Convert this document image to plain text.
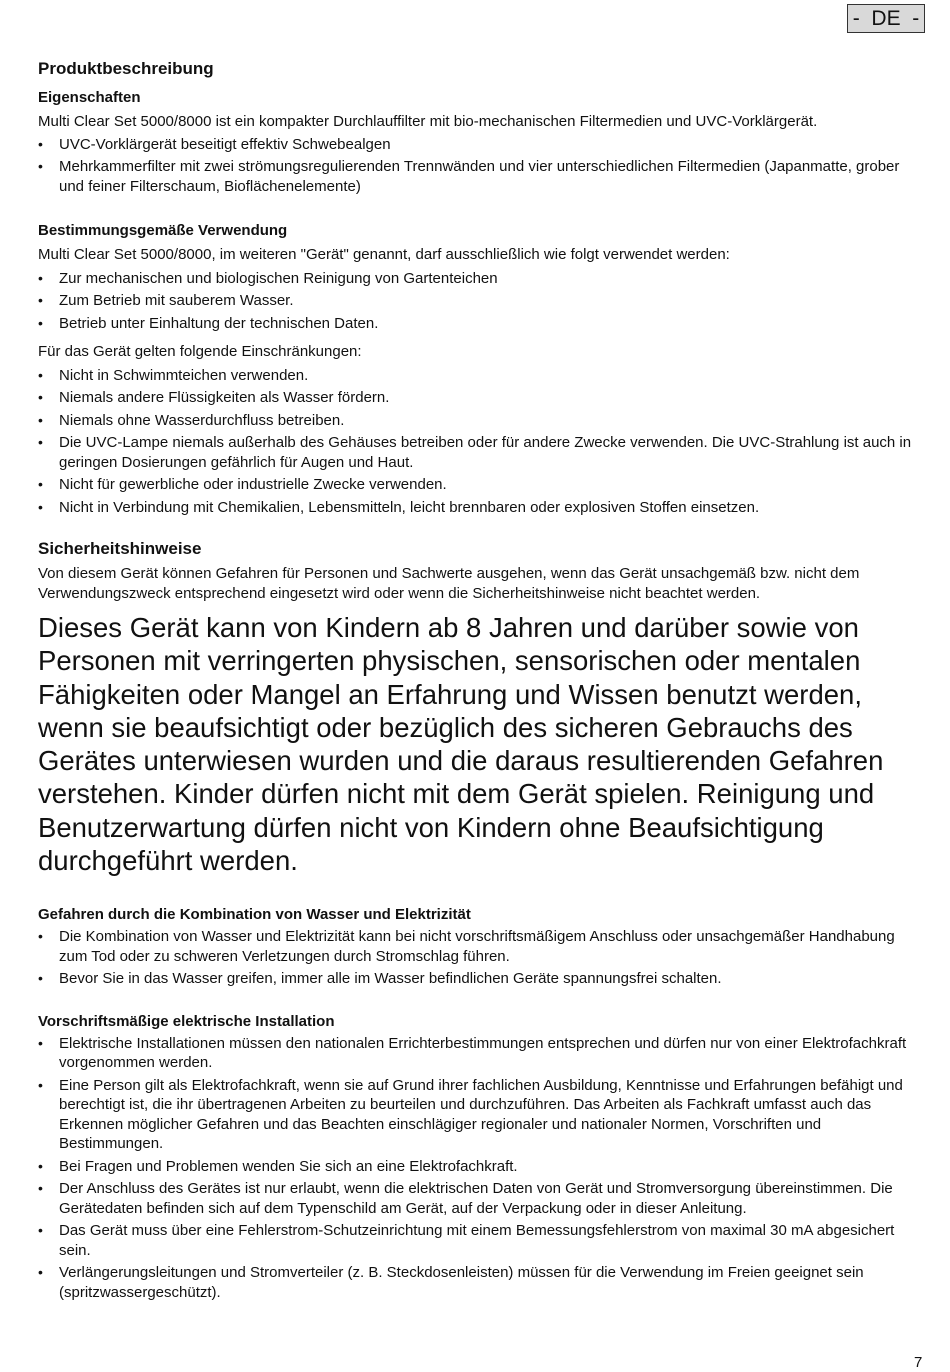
-  DE  -
Produktbeschreibung
Eigenschaften

Multi Clear Set 5000/8000 ist ein kompakter Durchlauffilter mit bio-mechanischen Filtermedien und UVC-Vorklärgerät.

• UVC-Vorklärgerät beseitigt effektiv Schwebealgen
• Mehrkammerfilter mit zwei strömungsregulierenden Trennwänden und vier unterschiedlichen Filtermedien (Japanmatte, grober und feiner Filterschaum, Bioflächenelemente)
Bestimmungsgemäße Verwendung

Multi Clear Set 5000/8000, im weiteren "Gerät" genannt, darf ausschließlich wie folgt verwendet werden:

• Zur mechanischen und biologischen Reinigung von Gartenteichen
• Zum Betrieb mit sauberem Wasser.
• Betrieb unter Einhaltung der technischen Daten.

Für das Gerät gelten folgende Einschränkungen:

• Nicht in Schwimmteichen verwenden.
• Niemals andere Flüssigkeiten als Wasser fördern.
• Niemals ohne Wasserdurchfluss betreiben.
• Die UVC-Lampe niemals außerhalb des Gehäuses betreiben oder für andere Zwecke verwenden. Die UVC-Strahlung ist auch in geringen Dosierungen gefährlich für Augen und Haut.
• Nicht für gewerbliche oder industrielle Zwecke verwenden.
• Nicht in Verbindung mit Chemikalien, Lebensmitteln, leicht brennbaren oder explosiven Stoffen einsetzen.
Sicherheitshinweise

Von diesem Gerät können Gefahren für Personen und Sachwerte ausgehen, wenn das Gerät unsachgemäß bzw. nicht dem Verwendungszweck entsprechend eingesetzt wird oder wenn die Sicherheitshinweise nicht beachtet werden.

Dieses Gerät kann von Kindern ab 8 Jahren und darüber sowie von Personen mit verringerten physischen, sensorischen oder mentalen Fähigkeiten oder Mangel an Erfahrung und Wissen benutzt werden, wenn sie beaufsichtigt oder bezüglich des sicheren Gebrauchs des Gerätes unterwiesen wurden und die daraus resultierenden Gefahren verstehen. Kinder dürfen nicht mit dem Gerät spielen. Reinigung und Benutzerwartung dürfen nicht von Kindern ohne Beaufsichtigung durchgeführt werden.

Gefahren durch die Kombination von Wasser und Elektrizität
• Die Kombination von Wasser und Elektrizität kann bei nicht vorschriftsmäßigem Anschluss oder unsachgemäßer Handhabung zum Tod oder zu schweren Verletzungen durch Stromschlag führen.
• Bevor Sie in das Wasser greifen, immer alle im Wasser befindlichen Geräte spannungsfrei schalten.
Vorschriftsmäßige elektrische Installation
• Elektrische Installationen müssen den nationalen Errichterbestimmungen entsprechen und dürfen nur von einer Elektrofachkraft vorgenommen werden.
• Eine Person gilt als Elektrofachkraft, wenn sie auf Grund ihrer fachlichen Ausbildung, Kenntnisse und Erfahrungen befähigt und berechtigt ist, die ihr übertragenen Arbeiten zu beurteilen und durchzuführen. Das Arbeiten als Fachkraft umfasst auch das Erkennen möglicher Gefahren und das Beachten einschlägiger regionaler und nationaler Normen, Vorschriften und Bestimmungen.
• Bei Fragen und Problemen wenden Sie sich an eine Elektrofachkraft.
• Der Anschluss des Gerätes ist nur erlaubt, wenn die elektrischen Daten von Gerät und Stromversorgung übereinstimmen. Die Gerätedaten befinden sich auf dem Typenschild am Gerät, auf der Verpackung oder in dieser Anleitung.
• Das Gerät muss über eine Fehlerstrom-Schutzeinrichtung mit einem Bemessungsfehlerstrom von maximal 30 mA abgesichert sein.
• Verlängerungsleitungen und Stromverteiler (z. B. Steckdosenleisten) müssen für die Verwendung im Freien geeignet sein (spritzwassergeschützt).
7
